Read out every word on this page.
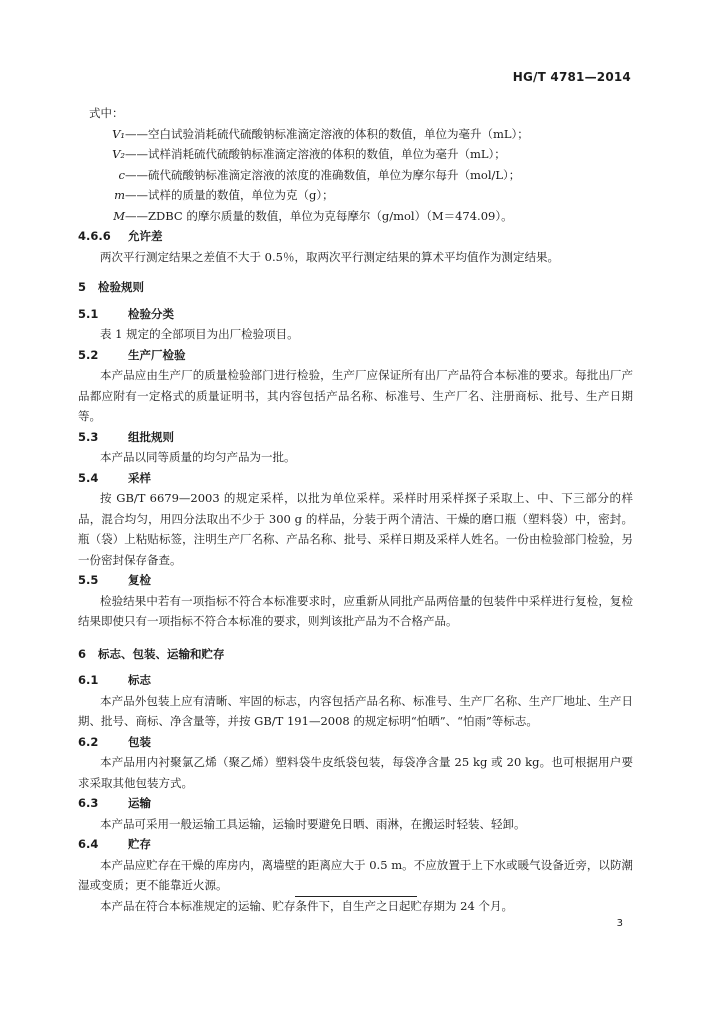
HG/T 4781—2014
式中：
V₁——空白试验消耗硫代硫酸钠标准滴定溶液的体积的数值，单位为毫升（mL）；
V₂——试样消耗硫代硫酸钠标准滴定溶液的体积的数值，单位为毫升（mL）；
c——硫代硫酸钠标准滴定溶液的浓度的准确数值，单位为摩尔每升（mol/L）；
m——试样的质量的数值，单位为克（g）；
M——ZDBC 的摩尔质量的数值，单位为克每摩尔（g/mol）（M＝474.09）。
4.6.6 允许差
两次平行测定结果之差值不大于 0.5％，取两次平行测定结果的算术平均值作为测定结果。
5 检验规则
5.1	检验分类
表 1 规定的全部项目为出厂检验项目。
5.2	生产厂检验
本产品应由生产厂的质量检验部门进行检验，生产厂应保证所有出厂产品符合本标准的要求。每批出厂产品都应附有一定格式的质量证明书，其内容包括产品名称、标准号、生产厂名、注册商标、批号、生产日期等。
5.3	组批规则
本产品以同等质量的均匀产品为一批。
5.4	采样
按 GB/T 6679—2003 的规定采样，以批为单位采样。采样时用采样探子采取上、中、下三部分的样品，混合均匀，用四分法取出不少于 300 g 的样品，分装于两个清洁、干燥的磨口瓶（塑料袋）中，密封。瓶（袋）上粘贴标签，注明生产厂名称、产品名称、批号、采样日期及采样人姓名。一份由检验部门检验，另一份密封保存备查。
5.5	复检
检验结果中若有一项指标不符合本标准要求时，应重新从同批产品两倍量的包装件中采样进行复检，复检结果即使只有一项指标不符合本标准的要求，则判该批产品为不合格产品。
6 标志、包装、运输和贮存
6.1	标志
本产品外包装上应有清晰、牢固的标志，内容包括产品名称、标准号、生产厂名称、生产厂地址、生产日期、批号、商标、净含量等，并按 GB/T 191—2008 的规定标明“怕晒”、“怕雨”等标志。
6.2	包装
本产品用内衬聚氯乙烯（聚乙烯）塑料袋牛皮纸袋包装，每袋净含量 25 kg 或 20 kg。也可根据用户要求采取其他包装方式。
6.3	运输
本产品可采用一般运输工具运输，运输时要避免日晒、雨淋，在搬运时轻装、轻卸。
6.4	贮存
本产品应贮存在干燥的库房内，离墙壁的距离应大于 0.5 m。不应放置于上下水或暖气设备近旁，以防潮湿或变质；更不能靠近火源。
本产品在符合本标准规定的运输、贮存条件下，自生产之日起贮存期为 24 个月。
3
